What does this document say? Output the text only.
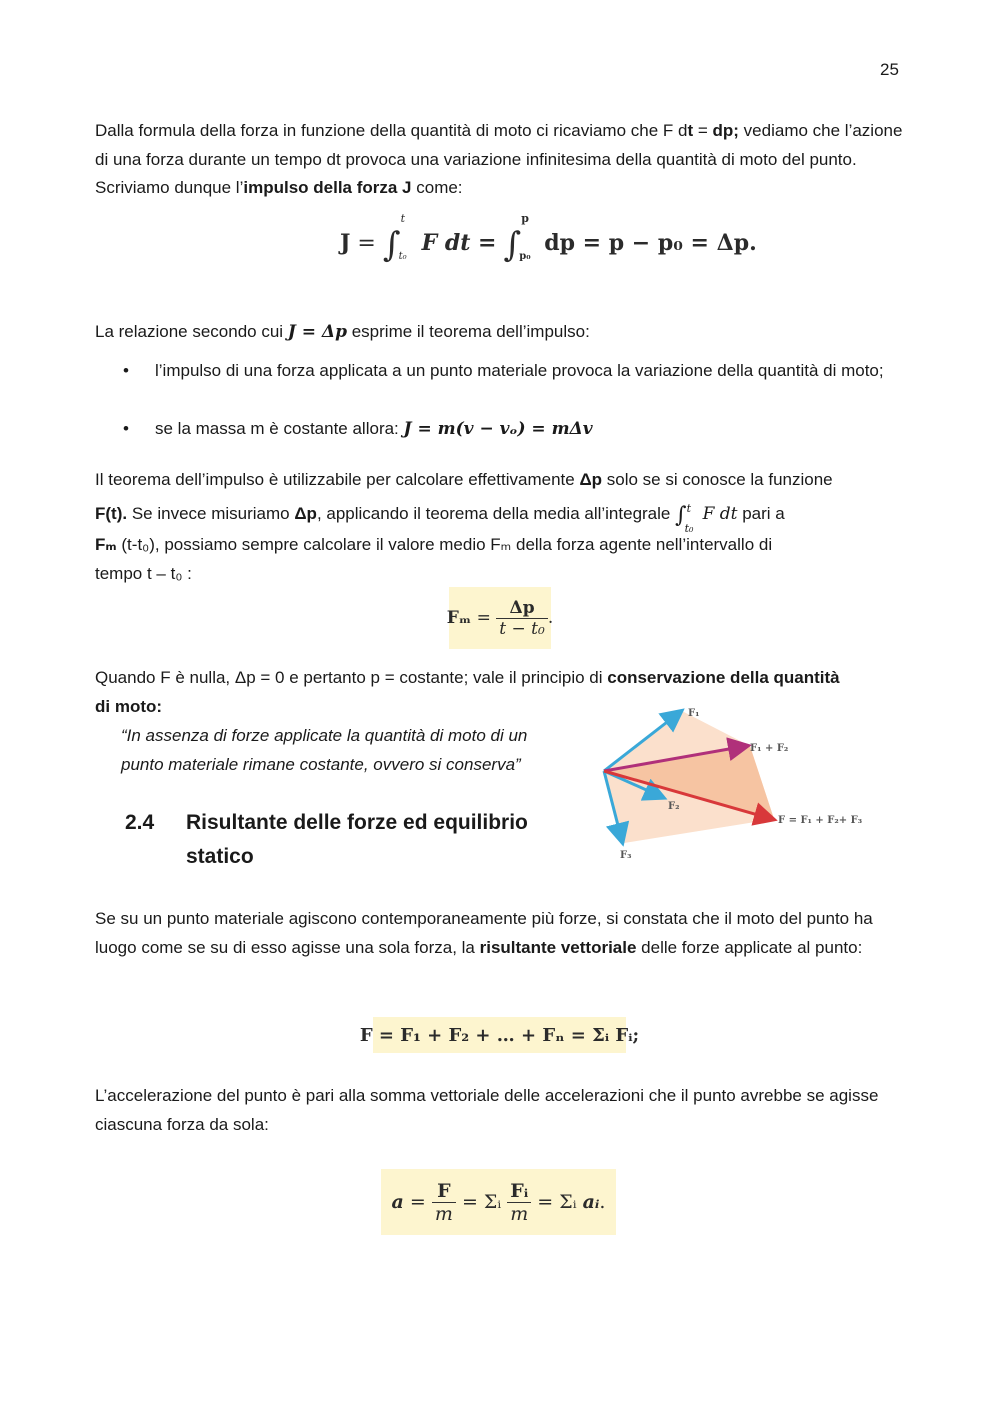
25

Dalla formula della forza in funzione della quantità di moto ci ricaviamo che F dt = dp; vediamo che l’azione di una forza durante un tempo dt provoca una variazione infinitesima della quantità di moto del punto. Scriviamo dunque l’impulso della forza J come:

J = ∫
t
t₀
F dt = ∫
p
p₀
dp = p − p₀ = Δp.

La relazione secondo cui J = Δp esprime il teorema dell’impulso:

• l’impulso di una forza applicata a un punto materiale provoca la variazione della quantità di moto;

• se la massa m è costante allora: J = m(v − vₒ) = mΔv

Il teorema dell’impulso è utilizzabile per calcolare effettivamente Δp solo se si conosce la funzione
F(t). Se invece misuriamo Δp, applicando il teorema della media all’integrale ∫ t
t₀
F dt pari a

Fₘ (t-t₀), possiamo sempre calcolare il valore medio Fₘ della forza agente nell’intervallo di
tempo t – t₀ :

Fₘ
=
$\frac{\Delta p}{\text{t − t₀}}$ .

Quando F è nulla, Δp = 0 e pertanto p = costante; vale il principio di conservazione della quantità
di moto:

“In assenza di forze applicate la quantità di moto di un
punto materiale rimane costante, ovvero si conserva”
2.4 Risultante delle forze ed equilibrio
statico
F₁
F₁ + F₂
F₂
F = F₁ + F₂+ F₃
F₃

Se su un punto materiale agiscono contemporaneamente più forze, si constata che il moto del punto ha luogo come se su di esso agisse una sola forza, la risultante vettoriale delle forze applicate al punto:

F = F₁ + F₂ + … + Fₙ = Σᵢ Fᵢ;

L’accelerazione del punto è pari alla somma vettoriale delle accelerazioni che il punto avrebbe se agisse ciascuna forza da sola:

a
=
$\frac{F}{m}$
= Σᵢ
$\frac{\text{Fᵢ}}{m}$
= Σᵢ
aᵢ .
